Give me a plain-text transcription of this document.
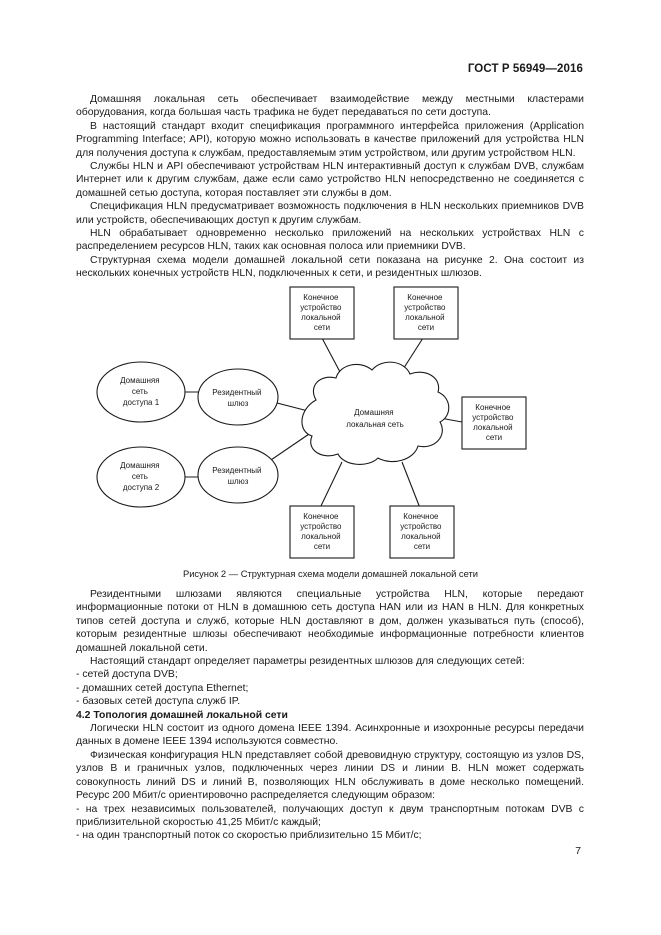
ГОСТ Р 56949—2016

Домашняя локальная сеть обеспечивает взаимодействие между местными кластерами оборудования, когда большая часть трафика не будет передаваться по сети доступа.

В настоящий стандарт входит спецификация программного интерфейса приложения (Application Programming Interface; API), которую можно использовать в качестве приложений для устройства HLN для получения доступа к службам, предоставляемым этим устройством, или другим устройством HLN.

Службы HLN и API обеспечивают устройствам HLN интерактивный доступ к службам DVB, службам Интернет или к другим службам, даже если само устройство HLN непосредственно не соединяется с домашней сетью доступа, которая поставляет эти службы в дом.

Спецификация HLN предусматривает возможность подключения в HLN нескольких приемников DVB или устройств, обеспечивающих доступ к другим службам.

HLN обрабатывает одновременно несколько приложений на нескольких устройствах HLN с распределением ресурсов HLN, таких как основная полоса или приемники DVB.

Структурная схема модели домашней локальной сети показана на рисунке 2. Она состоит из нескольких конечных устройств HLN, подключенных к сети, и резидентных шлюзов.

Домашняя локальная сеть
Домашняя сеть доступа 1
Домашняя сеть доступа 2
Резидентный шлюз
Резидентный шлюз
Конечное устройство локальной сети
Конечное устройство локальной сети
Конечное устройство локальной сети
Конечное устройство локальной сети
Конечное устройство локальной сети
Рисунок 2 — Структурная схема модели домашней локальной сети

Резидентными шлюзами являются специальные устройства HLN, которые передают информационные потоки от HLN в домашнюю сеть доступа HAN или из HAN в HLN. Для конкретных типов сетей доступа и служб, которые HLN доставляют в дом, должен указываться путь (способ), которым резидентные шлюзы обеспечивают необходимые информационные потребности клиентов домашней локальной сети.

Настоящий стандарт определяет параметры резидентных шлюзов для следующих сетей:

- сетей доступа DVB;

- домашних сетей доступа Ethernet;

- базовых сетей доступа служб IP.

4.2 Топология домашней локальной сети

Логически HLN состоит из одного домена IEEE 1394. Асинхронные и изохронные ресурсы передачи данных в домене IEEE 1394 используются совместно.

Физическая конфигурация HLN представляет собой древовидную структуру, состоящую из узлов DS, узлов B и граничных узлов, подключенных через линии DS и линии B. HLN может содержать совокупность линий DS и линий B, позволяющих HLN обслуживать в доме несколько помещений. Ресурс 200 Мбит/с ориентировочно распределяется следующим образом:

- на трех независимых пользователей, получающих доступ к двум транспортным потокам DVB с приблизительной скоростью 41,25 Мбит/с каждый;

- на один транспортный поток со скоростью приблизительно 15 Мбит/с;

7
